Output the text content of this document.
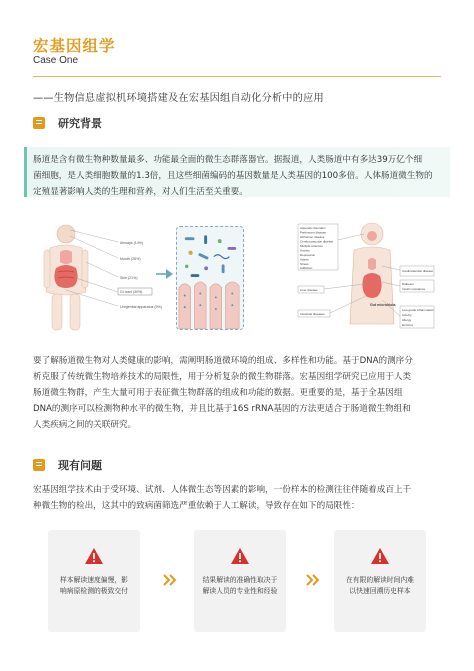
宏基因组学
Case One
——生物信息虚拟机环境搭建及在宏基因组自动化分析中的应用
研究背景
肠道是含有微生物种数量最多、功能最全面的微生态群落器官。据报道，人类肠道中有多达39万亿个细
菌细胞，是人类细胞数量的1.3倍，且这些细菌编码的基因数量是人类基因的100多倍。人体肠道微生物的
定殖显著影响人类的生理和营养，对人们生活至关重要。
Airways (14%)
Mouth (26%)
Skin (21%)
GI tract (30%)
Urogenital apparatus (9%)
Appendix disorders
Parkinsons disease
Alzheimer disease
Cerebrovascular disease
Multiple sclerosis
Anxiety
Depression
Autism
Stress
Addiction
Liver disease
Intestinal diseases
Gut microbiota
Cardiovascular disease
Diabetes
Insulin resistance
Low-grade inflammation
Activity
Allergy
Eczema
要了解肠道微生物对人类健康的影响，需阐明肠道微环境的组成、多样性和功能。基于DNA的测序分
析克服了传统微生物培养技术的局限性，用于分析复杂的微生物群落。宏基因组学研究已应用于人类
肠道微生物群，产生大量可用于表征微生物群落的组成和功能的数据。更重要的是，基于全基因组
DNA的测序可以检测物种水平的微生物，并且比基于16S rRNA基因的方法更适合于肠道微生物组和
人类疾病之间的关联研究。
现有问题
宏基因组学技术由于受环境、试剂、人体微生态等因素的影响，一份样本的检测往往伴随着成百上千
种微生物的检出，这其中的致病菌筛选严重依赖于人工解读，导致存在如下的局限性：
样本解读速度偏慢，影
响病原检测的极致交付
结果解读的准确性取决于
解读人员的专业性和经验
在有限的解读时间内难
以快速回溯历史样本
